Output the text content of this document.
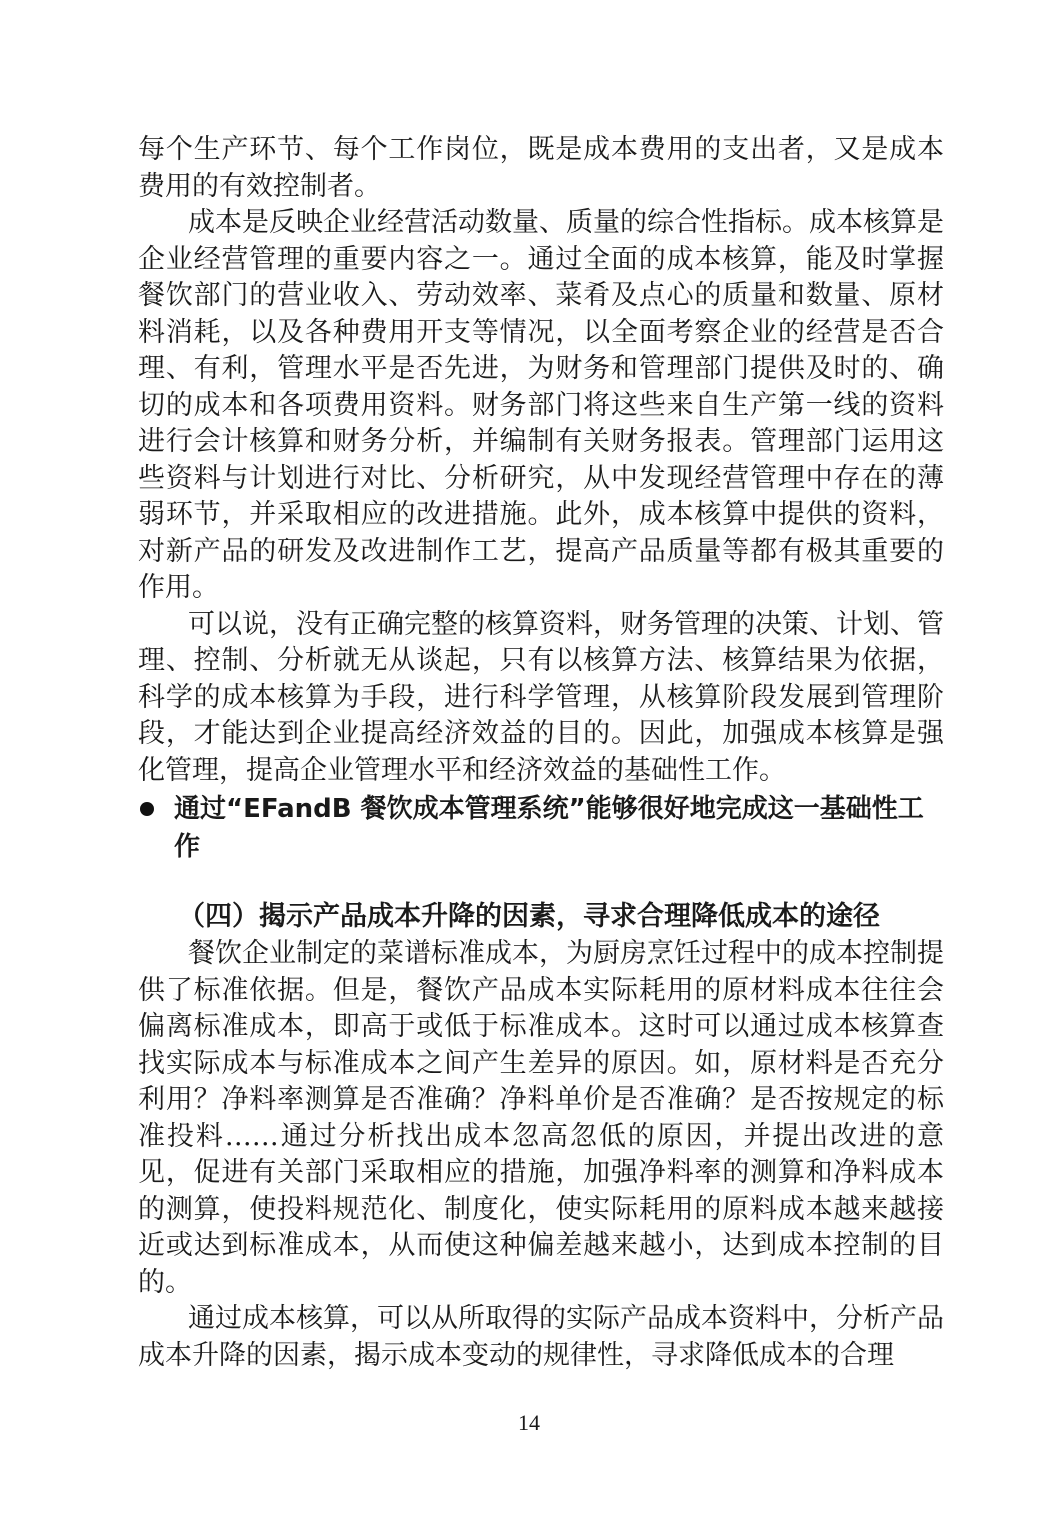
每个生产环节、每个工作岗位，既是成本费用的支出者，又是成本费用的有效控制者。

成本是反映企业经营活动数量、质量的综合性指标。成本核算是企业经营管理的重要内容之一。通过全面的成本核算，能及时掌握餐饮部门的营业收入、劳动效率、菜肴及点心的质量和数量、原材料消耗，以及各种费用开支等情况，以全面考察企业的经营是否合理、有利，管理水平是否先进，为财务和管理部门提供及时的、确切的成本和各项费用资料。财务部门将这些来自生产第一线的资料进行会计核算和财务分析，并编制有关财务报表。管理部门运用这些资料与计划进行对比、分析研究，从中发现经营管理中存在的薄弱环节，并采取相应的改进措施。此外，成本核算中提供的资料，对新产品的研发及改进制作工艺，提高产品质量等都有极其重要的作用。

可以说，没有正确完整的核算资料，财务管理的决策、计划、管理、控制、分析就无从谈起，只有以核算方法、核算结果为依据，科学的成本核算为手段，进行科学管理，从核算阶段发展到管理阶段，才能达到企业提高经济效益的目的。因此，加强成本核算是强化管理，提高企业管理水平和经济效益的基础性工作。

通过“EFandB 餐饮成本管理系统”能够很好地完成这一基础性工作
（四）揭示产品成本升降的因素，寻求合理降低成本的途径

餐饮企业制定的菜谱标准成本，为厨房烹饪过程中的成本控制提供了标准依据。但是，餐饮产品成本实际耗用的原材料成本往往会偏离标准成本，即高于或低于标准成本。这时可以通过成本核算查找实际成本与标准成本之间产生差异的原因。如，原材料是否充分利用？净料率测算是否准确？净料单价是否准确？是否按规定的标准投料……通过分析找出成本忽高忽低的原因，并提出改进的意见，促进有关部门采取相应的措施，加强净料率的测算和净料成本的测算，使投料规范化、制度化，使实际耗用的原料成本越来越接近或达到标准成本，从而使这种偏差越来越小，达到成本控制的目的。

通过成本核算，可以从所取得的实际产品成本资料中，分析产品成本升降的因素，揭示成本变动的规律性，寻求降低成本的合理

14
